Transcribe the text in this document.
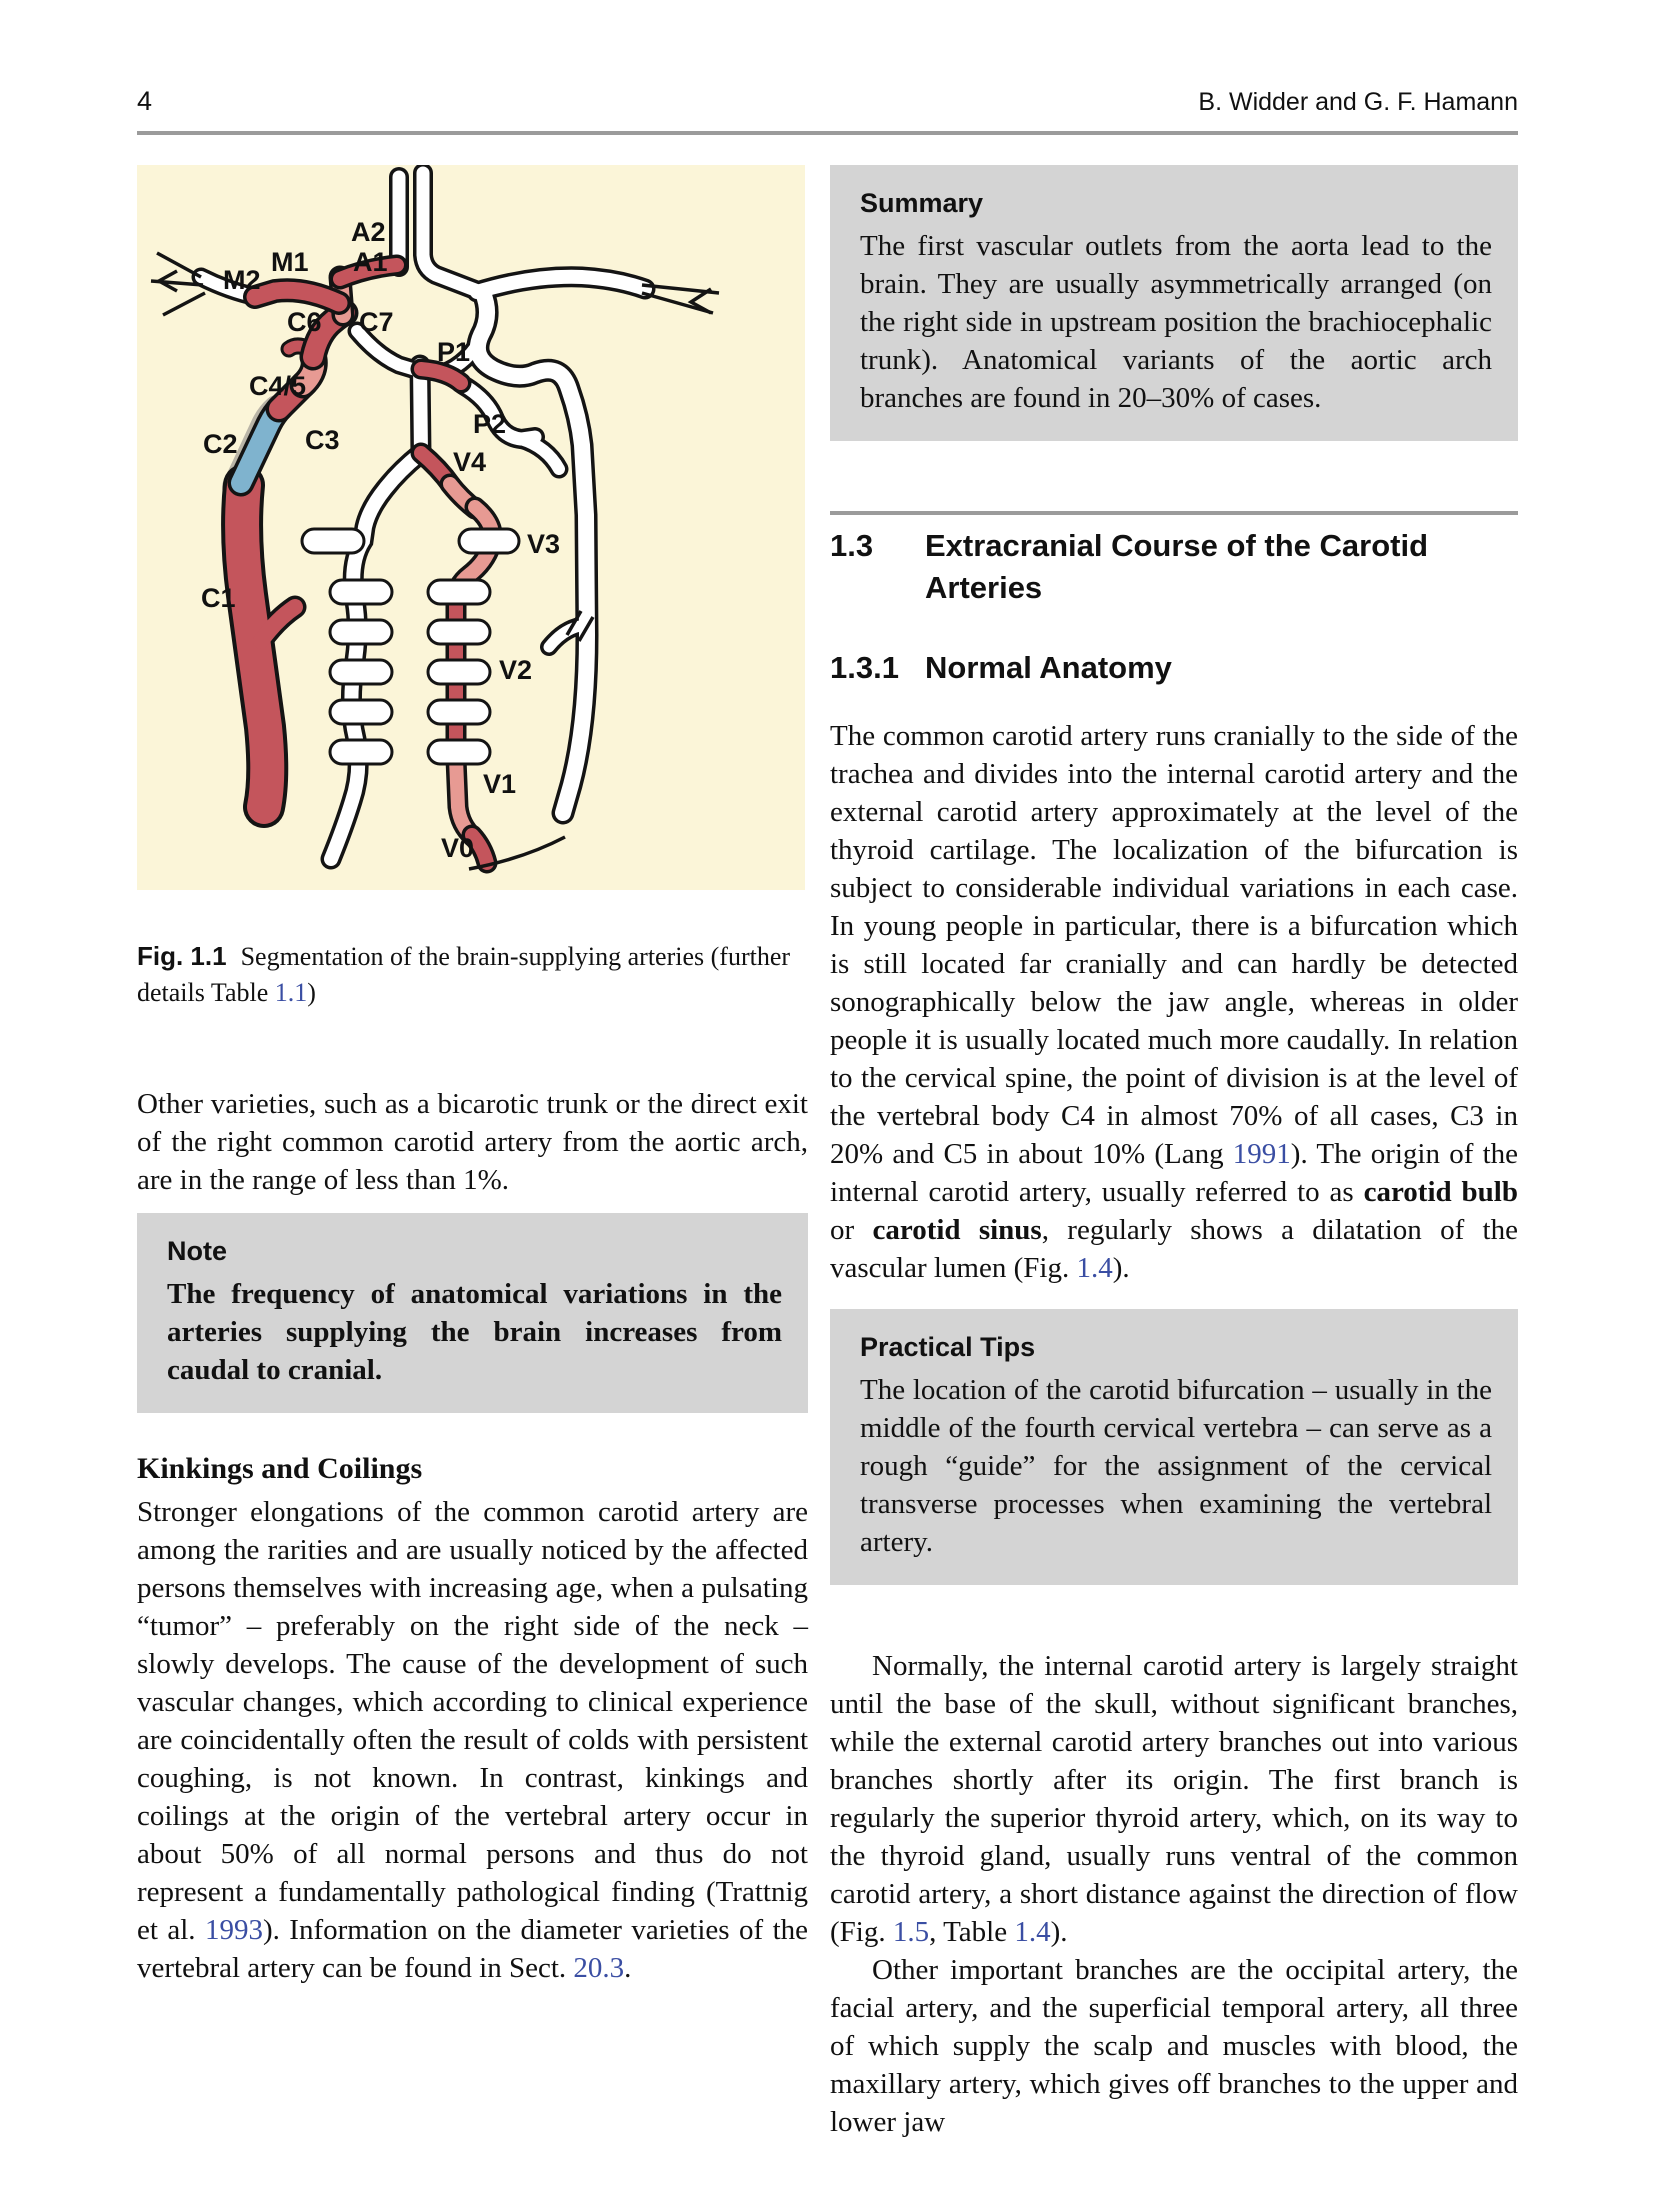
4	B. Widder and G. F. Hamann
A2
M1
M2
A1
C6 C7
P1
C4/5
P2
C2 C3
V4
V3
C1
V2
V1
V0

Fig. 1.1 Segmentation of the brain-supplying arteries (further details Table 1.1)

Other varieties, such as a bicarotic trunk or the direct exit of the right common carotid artery from the aortic arch, are in the range of less than 1%.

Note

The frequency of anatomical variations in the arteries supplying the brain increases from caudal to cranial.

Kinkings and Coilings

Stronger elongations of the common carotid artery are among the rarities and are usually noticed by the affected persons themselves with increasing age, when a pulsating “tumor” – preferably on the right side of the neck – slowly develops. The cause of the development of such vascular changes, which according to clinical experience are coincidentally often the result of colds with persistent coughing, is not known. In contrast, kinkings and coilings at the origin of the vertebral artery occur in about 50% of all normal persons and thus do not represent a fundamentally pathological finding (Trattnig et al. 1993). Information on the diameter varieties of the vertebral artery can be found in Sect. 20.3.

Summary

The first vascular outlets from the aorta lead to the brain. They are usually asymmetrically arranged (on the right side in upstream position the brachiocephalic trunk). Anatomical variants of the aortic arch branches are found in 20–30% of cases.

1.3	Extracranial Course of the Carotid Arteries
1.3.1 Normal Anatomy

The common carotid artery runs cranially to the side of the trachea and divides into the internal carotid artery and the external carotid artery approximately at the level of the thyroid cartilage. The localization of the bifurcation is subject to considerable individual variations in each case. In young people in particular, there is a bifurcation which is still located far cranially and can hardly be detected sonographically below the jaw angle, whereas in older people it is usually located much more caudally. In relation to the cervical spine, the point of division is at the level of the vertebral body C4 in almost 70% of all cases, C3 in 20% and C5 in about 10% (Lang 1991). The origin of the internal carotid artery, usually referred to as carotid bulb or carotid sinus, regularly shows a dilatation of the vascular lumen (Fig. 1.4).

Practical Tips

The location of the carotid bifurcation – usually in the middle of the fourth cervical vertebra – can serve as a rough “guide” for the assignment of the cervical transverse processes when examining the vertebral artery.

Normally, the internal carotid artery is largely straight until the base of the skull, without significant branches, while the external carotid artery branches out into various branches shortly after its origin. The first branch is regularly the superior thyroid artery, which, on its way to the thyroid gland, usually runs ventral of the common carotid artery, a short distance against the direction of flow (Fig. 1.5, Table 1.4).

Other important branches are the occipital artery, the facial artery, and the superficial temporal artery, all three of which supply the scalp and muscles with blood, the maxillary artery, which gives off branches to the upper and lower jaw
